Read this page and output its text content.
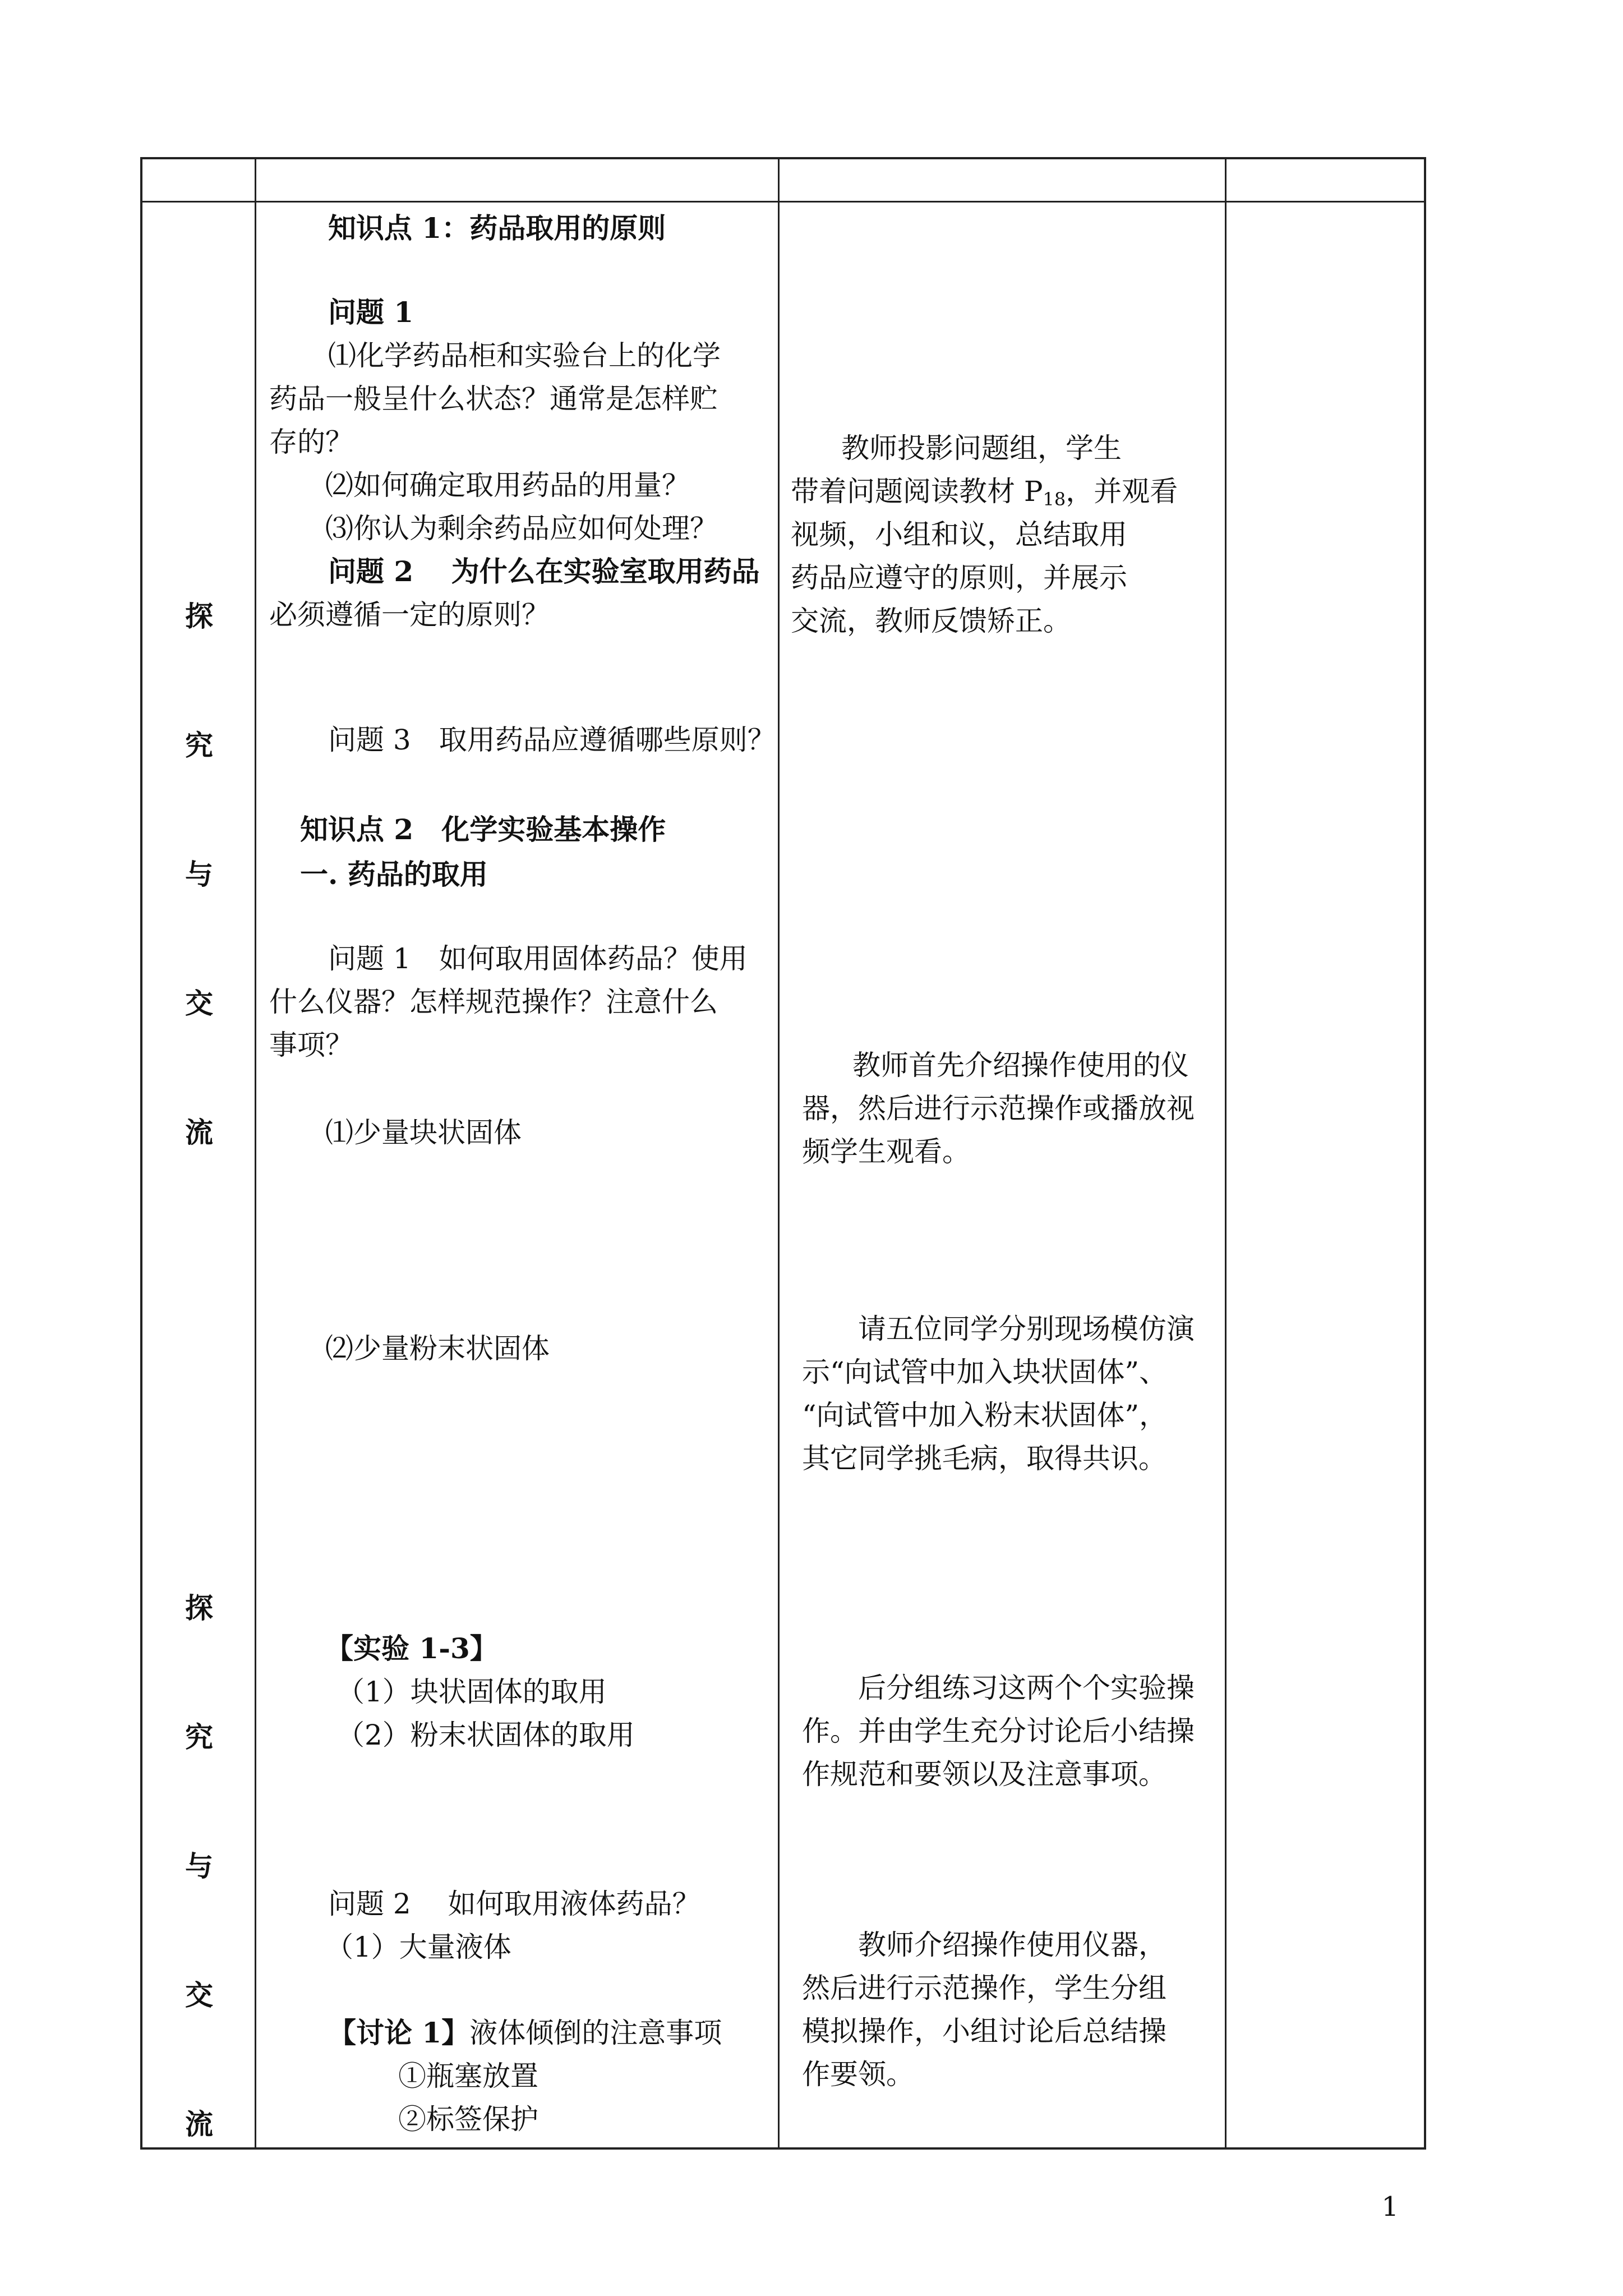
探
究
与
交
流
探
究
与
交
流
知识点 1：药品取用的原则
问题 1
⑴化学药品柜和实验台上的化学
药品一般呈什么状态？通常是怎样贮
存的？
⑵如何确定取用药品的用量？
⑶你认为剩余药品应如何处理？
问题 2　 为什么在实验室取用药品
必须遵循一定的原则？
问题 3　取用药品应遵循哪些原则？
知识点 2　化学实验基本操作
一. 药品的取用
问题 1　如何取用固体药品？使用
什么仪器？怎样规范操作？注意什么
事项？
⑴少量块状固体
⑵少量粉末状固体
【实验 1-3】
（1）块状固体的取用
（2）粉末状固体的取用
问题 2　 如何取用液体药品？
（1）大量液体
【讨论 1】液体倾倒的注意事项
①瓶塞放置
②标签保护
教师投影问题组，学生
带着问题阅读教材 $P_{18}$，并观看
视频，小组和议，总结取用
药品应遵守的原则，并展示
交流，教师反馈矫正。
教师首先介绍操作使用的仪
器，然后进行示范操作或播放视
频学生观看。
请五位同学分别现场模仿演
示“向试管中加入块状固体”、
“向试管中加入粉末状固体”，
其它同学挑毛病，取得共识。
后分组练习这两个个实验操
作。并由学生充分讨论后小结操
作规范和要领以及注意事项。
教师介绍操作使用仪器，
然后进行示范操作，学生分组
模拟操作，小组讨论后总结操
作要领。
1
